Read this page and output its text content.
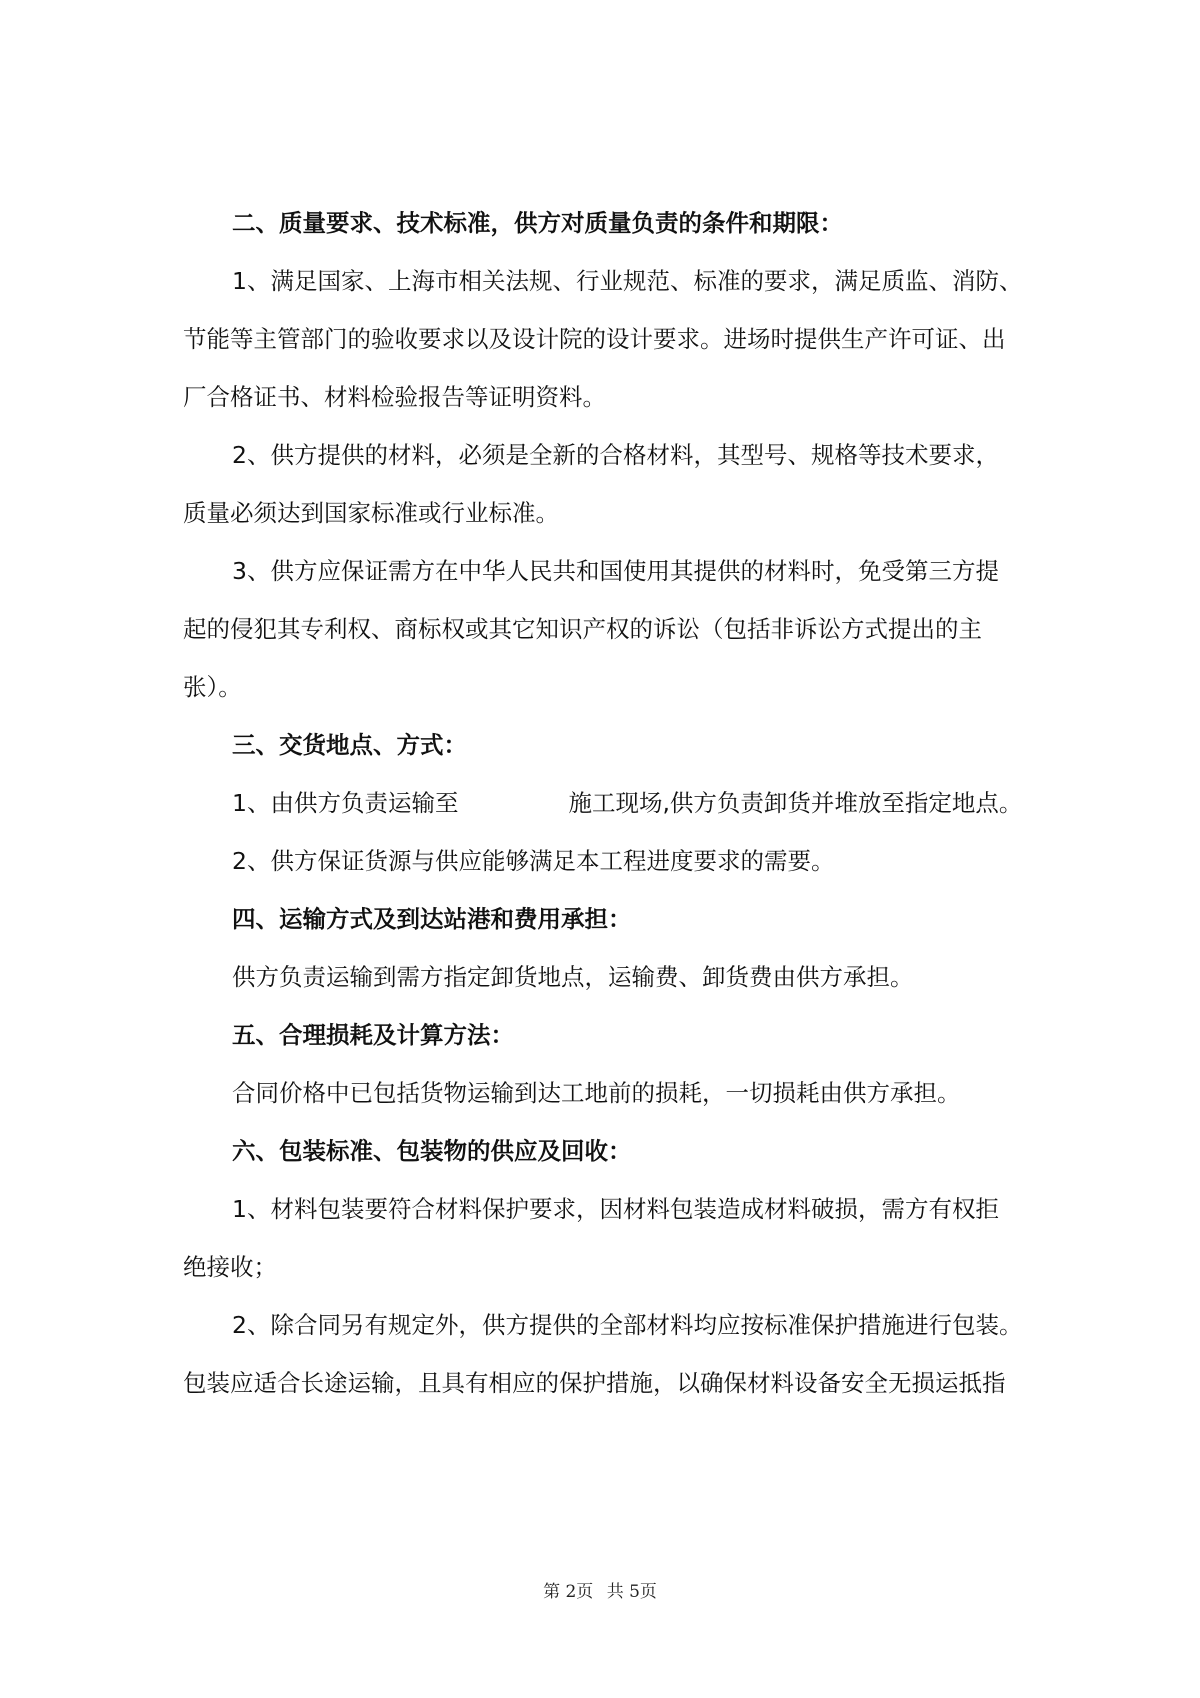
二、质量要求、技术标准，供方对质量负责的条件和期限：
1、满足国家、上海市相关法规、行业规范、标准的要求，满足质监、消防、
节能等主管部门的验收要求以及设计院的设计要求。进场时提供生产许可证、出
厂合格证书、材料检验报告等证明资料。
2、供方提供的材料，必须是全新的合格材料，其型号、规格等技术要求，
质量必须达到国家标准或行业标准。
3、供方应保证需方在中华人民共和国使用其提供的材料时，免受第三方提
起的侵犯其专利权、商标权或其它知识产权的诉讼（包括非诉讼方式提出的主
张）。
三、交货地点、方式：
1、由供方负责运输至	施工现场,供方负责卸货并堆放至指定地点。
2、供方保证货源与供应能够满足本工程进度要求的需要。
四、运输方式及到达站港和费用承担：
供方负责运输到需方指定卸货地点，运输费、卸货费由供方承担。
五、合理损耗及计算方法：
合同价格中已包括货物运输到达工地前的损耗，一切损耗由供方承担。
六、包装标准、包装物的供应及回收：
1、材料包装要符合材料保护要求，因材料包装造成材料破损，需方有权拒
绝接收；
2、除合同另有规定外，供方提供的全部材料均应按标准保护措施进行包装。
包装应适合长途运输，且具有相应的保护措施，以确保材料设备安全无损运抵指
第 2页 共 5页
